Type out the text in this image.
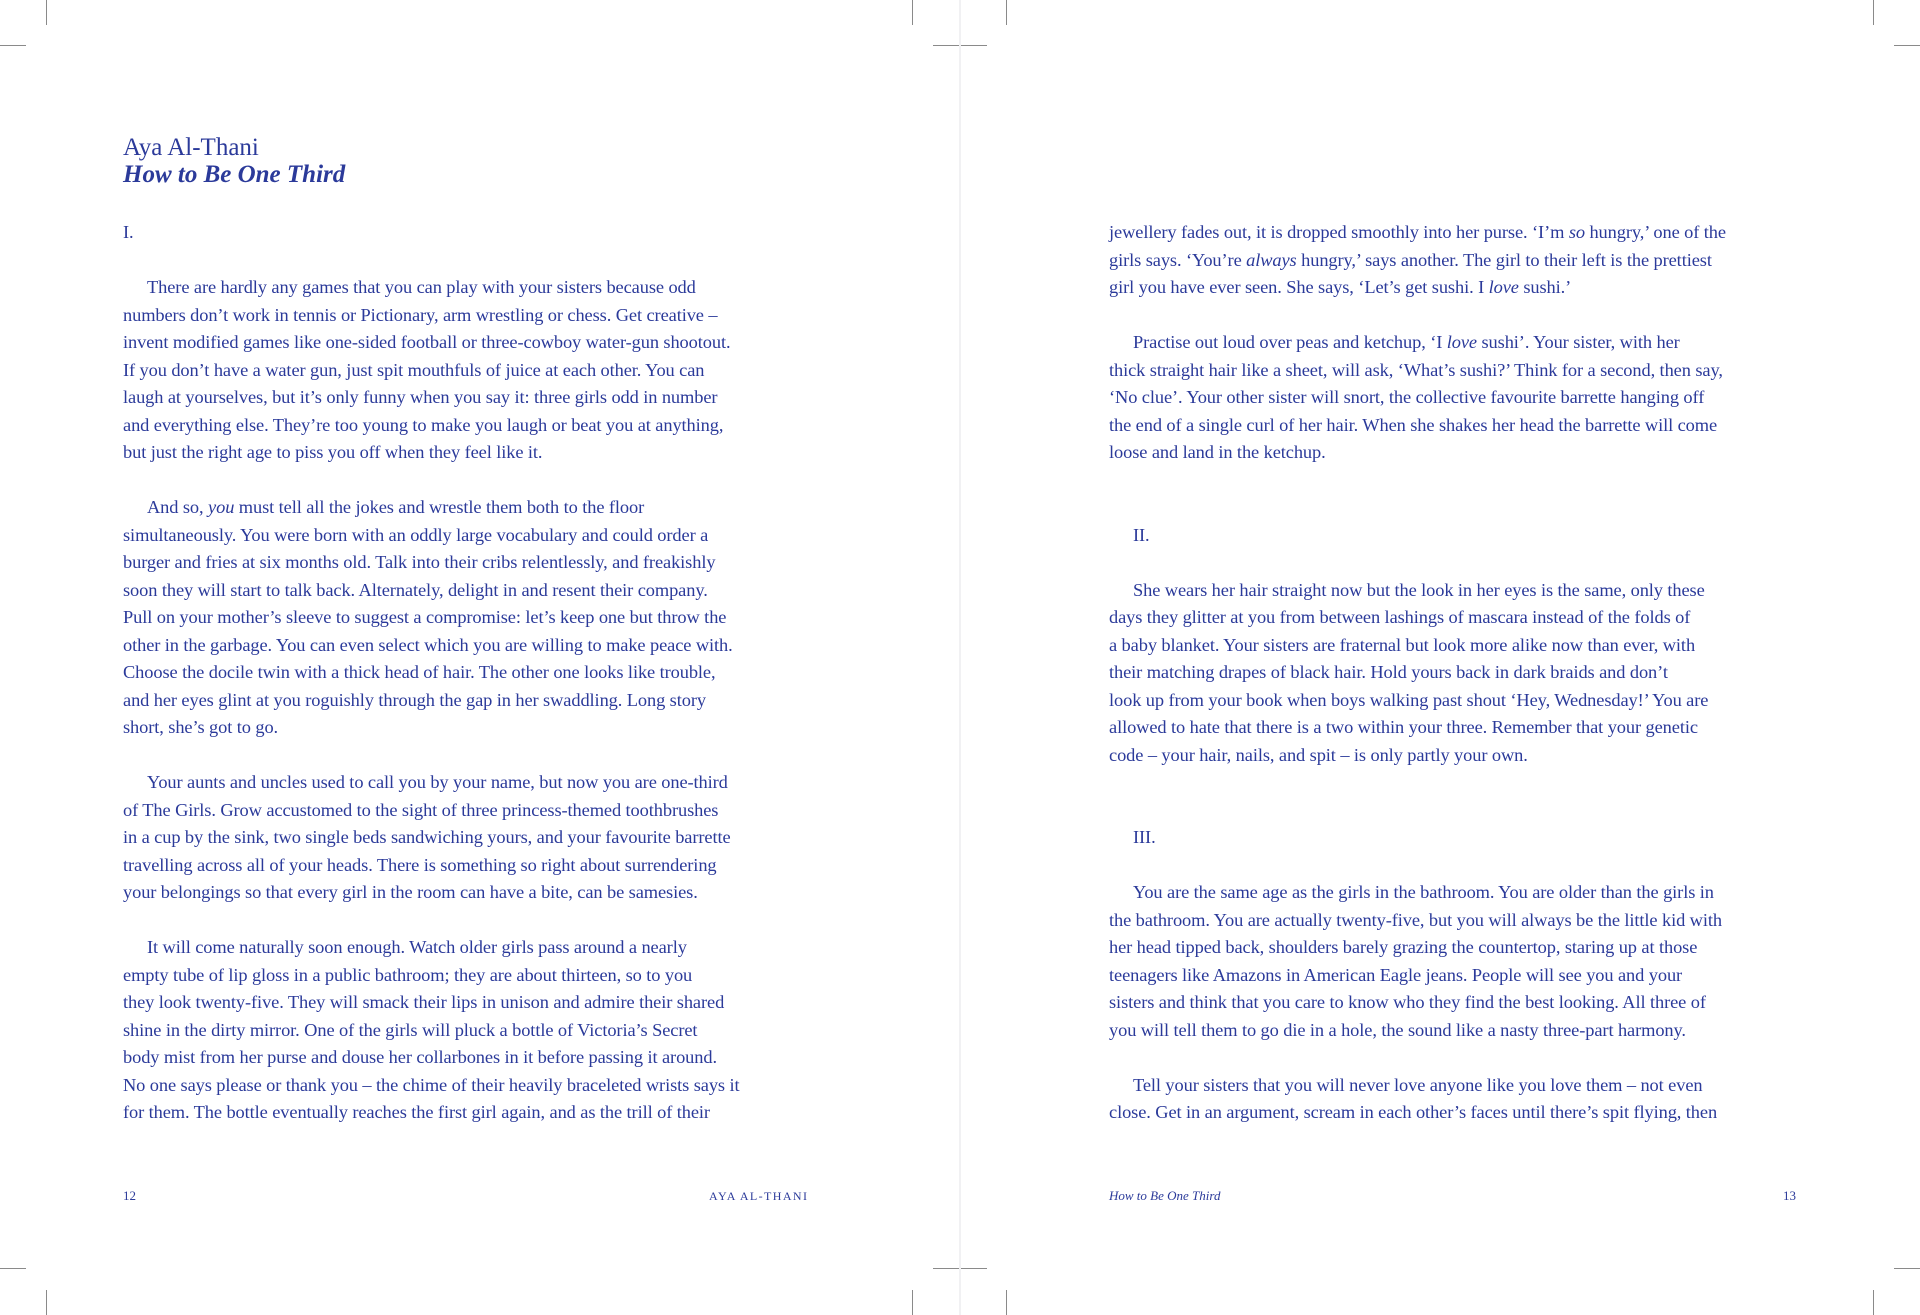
Aya Al-Thani
How to Be One Third
I.

There are hardly any games that you can play with your sisters because odd

numbers don’t work in tennis or Pictionary, arm wrestling or chess. Get creative –

invent modified games like one-sided football or three-cowboy water-gun shootout.

If you don’t have a water gun, just spit mouthfuls of juice at each other. You can

laugh at yourselves, but it’s only funny when you say it: three girls odd in number

and everything else. They’re too young to make you laugh or beat you at anything,

but just the right age to piss you off when they feel like it.

And so, you must tell all the jokes and wrestle them both to the floor

simultaneously. You were born with an oddly large vocabulary and could order a

burger and fries at six months old. Talk into their cribs relentlessly, and freakishly

soon they will start to talk back. Alternately, delight in and resent their company.

Pull on your mother’s sleeve to suggest a compromise: let’s keep one but throw the

other in the garbage. You can even select which you are willing to make peace with.

Choose the docile twin with a thick head of hair. The other one looks like trouble,

and her eyes glint at you roguishly through the gap in her swaddling. Long story

short, she’s got to go.

Your aunts and uncles used to call you by your name, but now you are one-third

of The Girls. Grow accustomed to the sight of three princess-themed toothbrushes

in a cup by the sink, two single beds sandwiching yours, and your favourite barrette

travelling across all of your heads. There is something so right about surrendering

your belongings so that every girl in the room can have a bite, can be samesies.

It will come naturally soon enough. Watch older girls pass around a nearly

empty tube of lip gloss in a public bathroom; they are about thirteen, so to you

they look twenty-five. They will smack their lips in unison and admire their shared

shine in the dirty mirror. One of the girls will pluck a bottle of Victoria’s Secret

body mist from her purse and douse her collarbones in it before passing it around.

No one says please or thank you – the chime of their heavily braceleted wrists says it

for them. The bottle eventually reaches the first girl again, and as the trill of their

12	AYA AL-THANI

jewellery fades out, it is dropped smoothly into her purse. ‘I’m so hungry,’ one of the

girls says. ‘You’re always hungry,’ says another. The girl to their left is the prettiest

girl you have ever seen. She says, ‘Let’s get sushi. I love sushi.’

Practise out loud over peas and ketchup, ‘I love sushi’. Your sister, with her

thick straight hair like a sheet, will ask, ‘What’s sushi?’ Think for a second, then say,

‘No clue’. Your other sister will snort, the collective favourite barrette hanging off

the end of a single curl of her hair. When she shakes her head the barrette will come

loose and land in the ketchup.

II.

She wears her hair straight now but the look in her eyes is the same, only these

days they glitter at you from between lashings of mascara instead of the folds of

a baby blanket. Your sisters are fraternal but look more alike now than ever, with

their matching drapes of black hair. Hold yours back in dark braids and don’t

look up from your book when boys walking past shout ‘Hey, Wednesday!’ You are

allowed to hate that there is a two within your three. Remember that your genetic

code – your hair, nails, and spit – is only partly your own.

III.

You are the same age as the girls in the bathroom. You are older than the girls in

the bathroom. You are actually twenty-five, but you will always be the little kid with

her head tipped back, shoulders barely grazing the countertop, staring up at those

teenagers like Amazons in American Eagle jeans. People will see you and your

sisters and think that you care to know who they find the best looking. All three of

you will tell them to go die in a hole, the sound like a nasty three-part harmony.

Tell your sisters that you will never love anyone like you love them – not even

close. Get in an argument, scream in each other’s faces until there’s spit flying, then

How to Be One Third	13
